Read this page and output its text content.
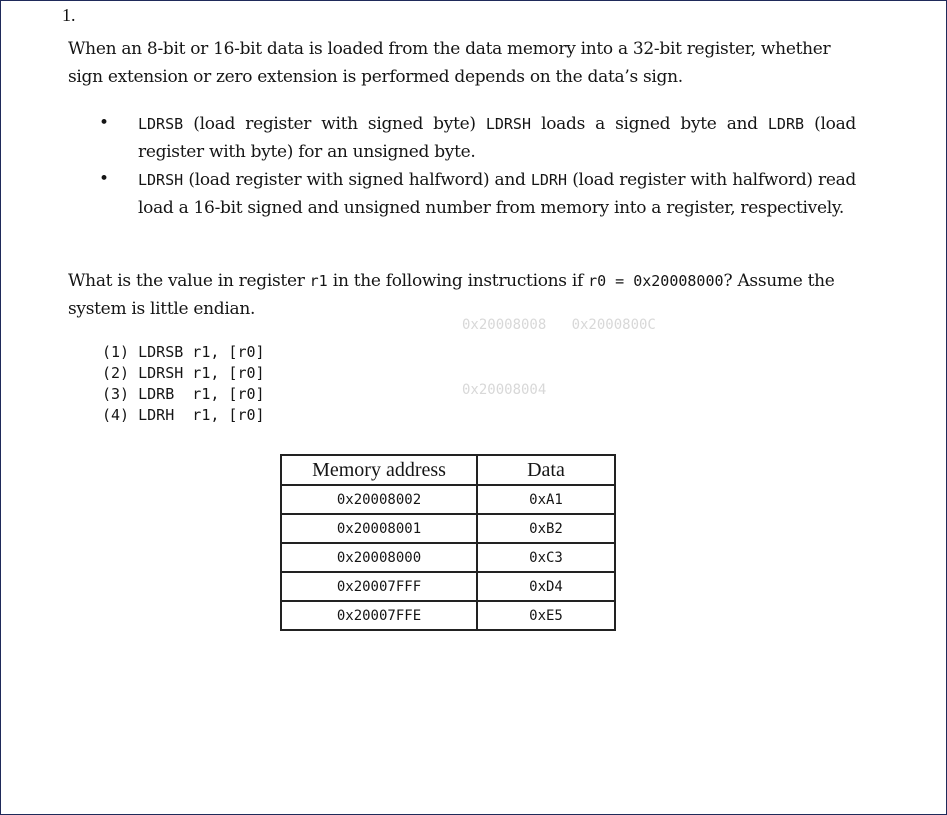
1.
0x20008008   0x2000800C
0x20008004
When an 8-bit or 16-bit data is loaded from the data memory into a 32-bit register, whether sign extension or zero extension is performed depends on the data’s sign.
• LDRSB (load register with signed byte) LDRSH loads a signed byte and LDRB (load register with byte) for an unsigned byte.
• LDRSH (load register with signed halfword) and LDRH (load register with halfword) read load a 16-bit signed and unsigned number from memory into a register, respectively.
What is the value in register r1 in the following instructions if r0 = 0x20008000? Assume the system is little endian.
(1) LDRSB r1, [r0]
(2) LDRSH r1, [r0]
(3) LDRB  r1, [r0]
(4) LDRH  r1, [r0]
Memory address	Data
0x20008002	0xA1
0x20008001	0xB2
0x20008000	0xC3
0x20007FFF	0xD4
0x20007FFE	0xE5
